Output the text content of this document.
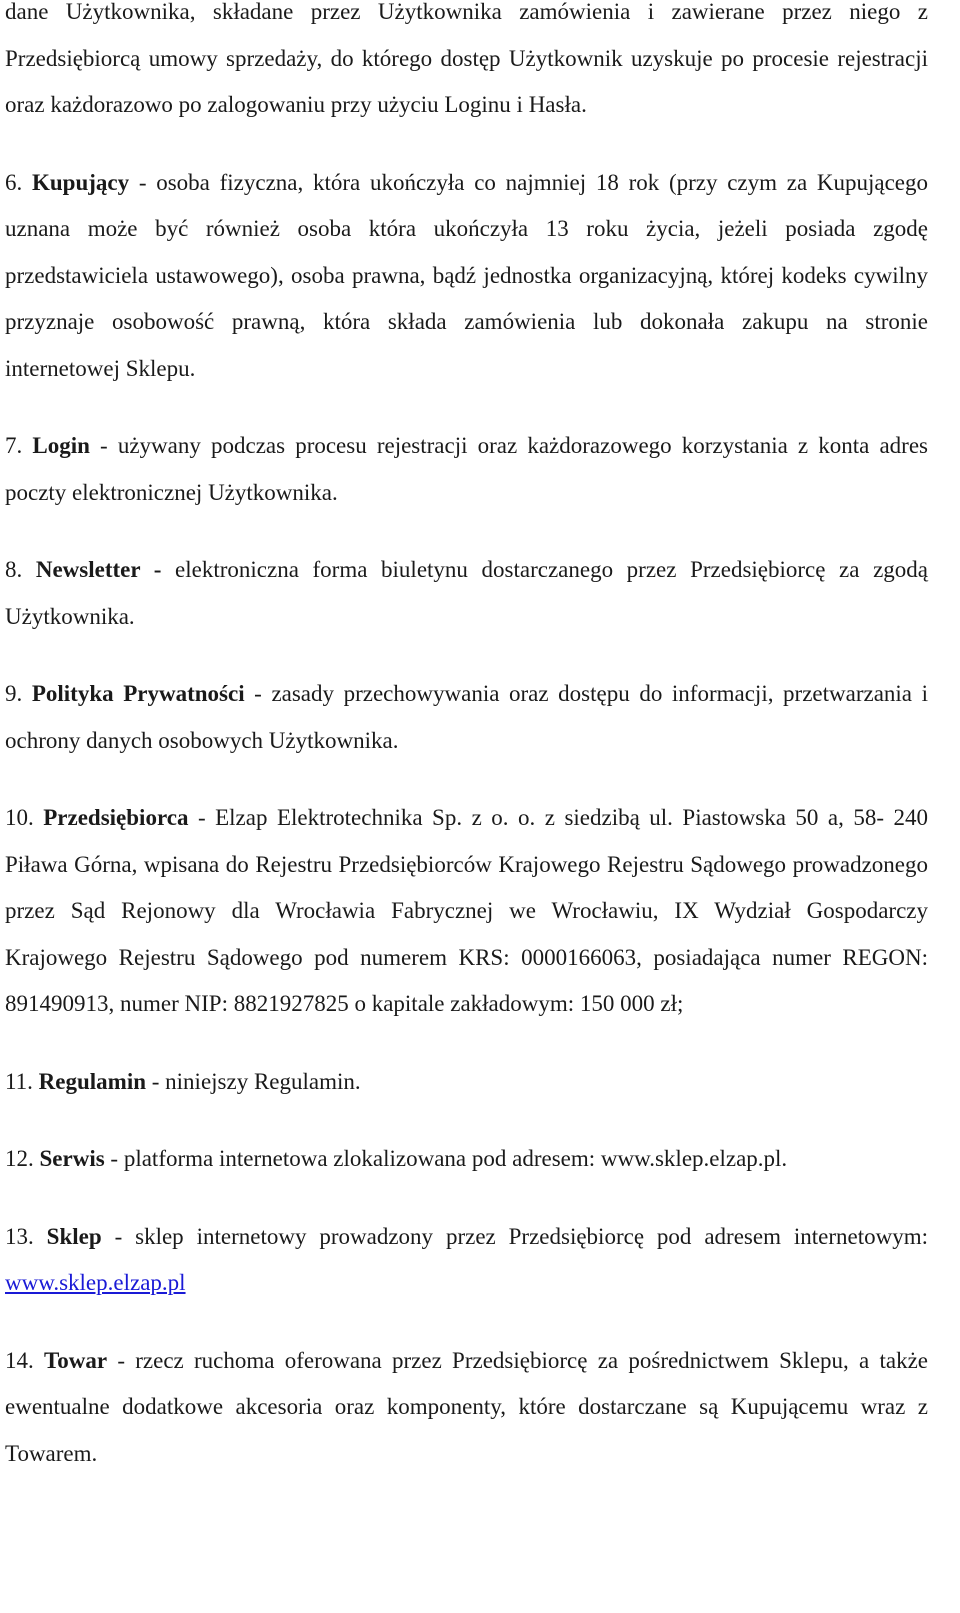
dane Użytkownika, składane przez Użytkownika zamówienia i zawierane przez niego z Przedsiębiorcą umowy sprzedaży, do którego dostęp Użytkownik uzyskuje po procesie rejestracji oraz każdorazowo po zalogowaniu przy użyciu Loginu i Hasła.

6. Kupujący - osoba fizyczna, która ukończyła co najmniej 18 rok (przy czym za Kupującego uznana może być również osoba która ukończyła 13 roku życia, jeżeli posiada zgodę przedstawiciela ustawowego), osoba prawna, bądź jednostka organizacyjną, której kodeks cywilny przyznaje osobowość prawną, która składa zamówienia lub dokonała zakupu na stronie internetowej Sklepu.

7. Login - używany podczas procesu rejestracji oraz każdorazowego korzystania z konta adres poczty elektronicznej Użytkownika.

8. Newsletter - elektroniczna forma biuletynu dostarczanego przez Przedsiębiorcę za zgodą Użytkownika.

9. Polityka Prywatności - zasady przechowywania oraz dostępu do informacji, przetwarzania i ochrony danych osobowych Użytkownika.

10. Przedsiębiorca - Elzap Elektrotechnika Sp. z o. o. z siedzibą ul. Piastowska 50 a, 58- 240 Piława Górna, wpisana do Rejestru Przedsiębiorców Krajowego Rejestru Sądowego prowadzonego przez Sąd Rejonowy dla Wrocławia Fabrycznej we Wrocławiu, IX Wydział Gospodarczy Krajowego Rejestru Sądowego pod numerem KRS: 0000166063, posiadająca numer REGON: 891490913, numer NIP: 8821927825 o kapitale zakładowym: 150 000 zł;

11. Regulamin - niniejszy Regulamin.

12. Serwis - platforma internetowa zlokalizowana pod adresem: www.sklep.elzap.pl.

13. Sklep - sklep internetowy prowadzony przez Przedsiębiorcę pod adresem internetowym: www.sklep.elzap.pl

14. Towar - rzecz ruchoma oferowana przez Przedsiębiorcę za pośrednictwem Sklepu, a także ewentualne dodatkowe akcesoria oraz komponenty, które dostarczane są Kupującemu wraz z Towarem.
